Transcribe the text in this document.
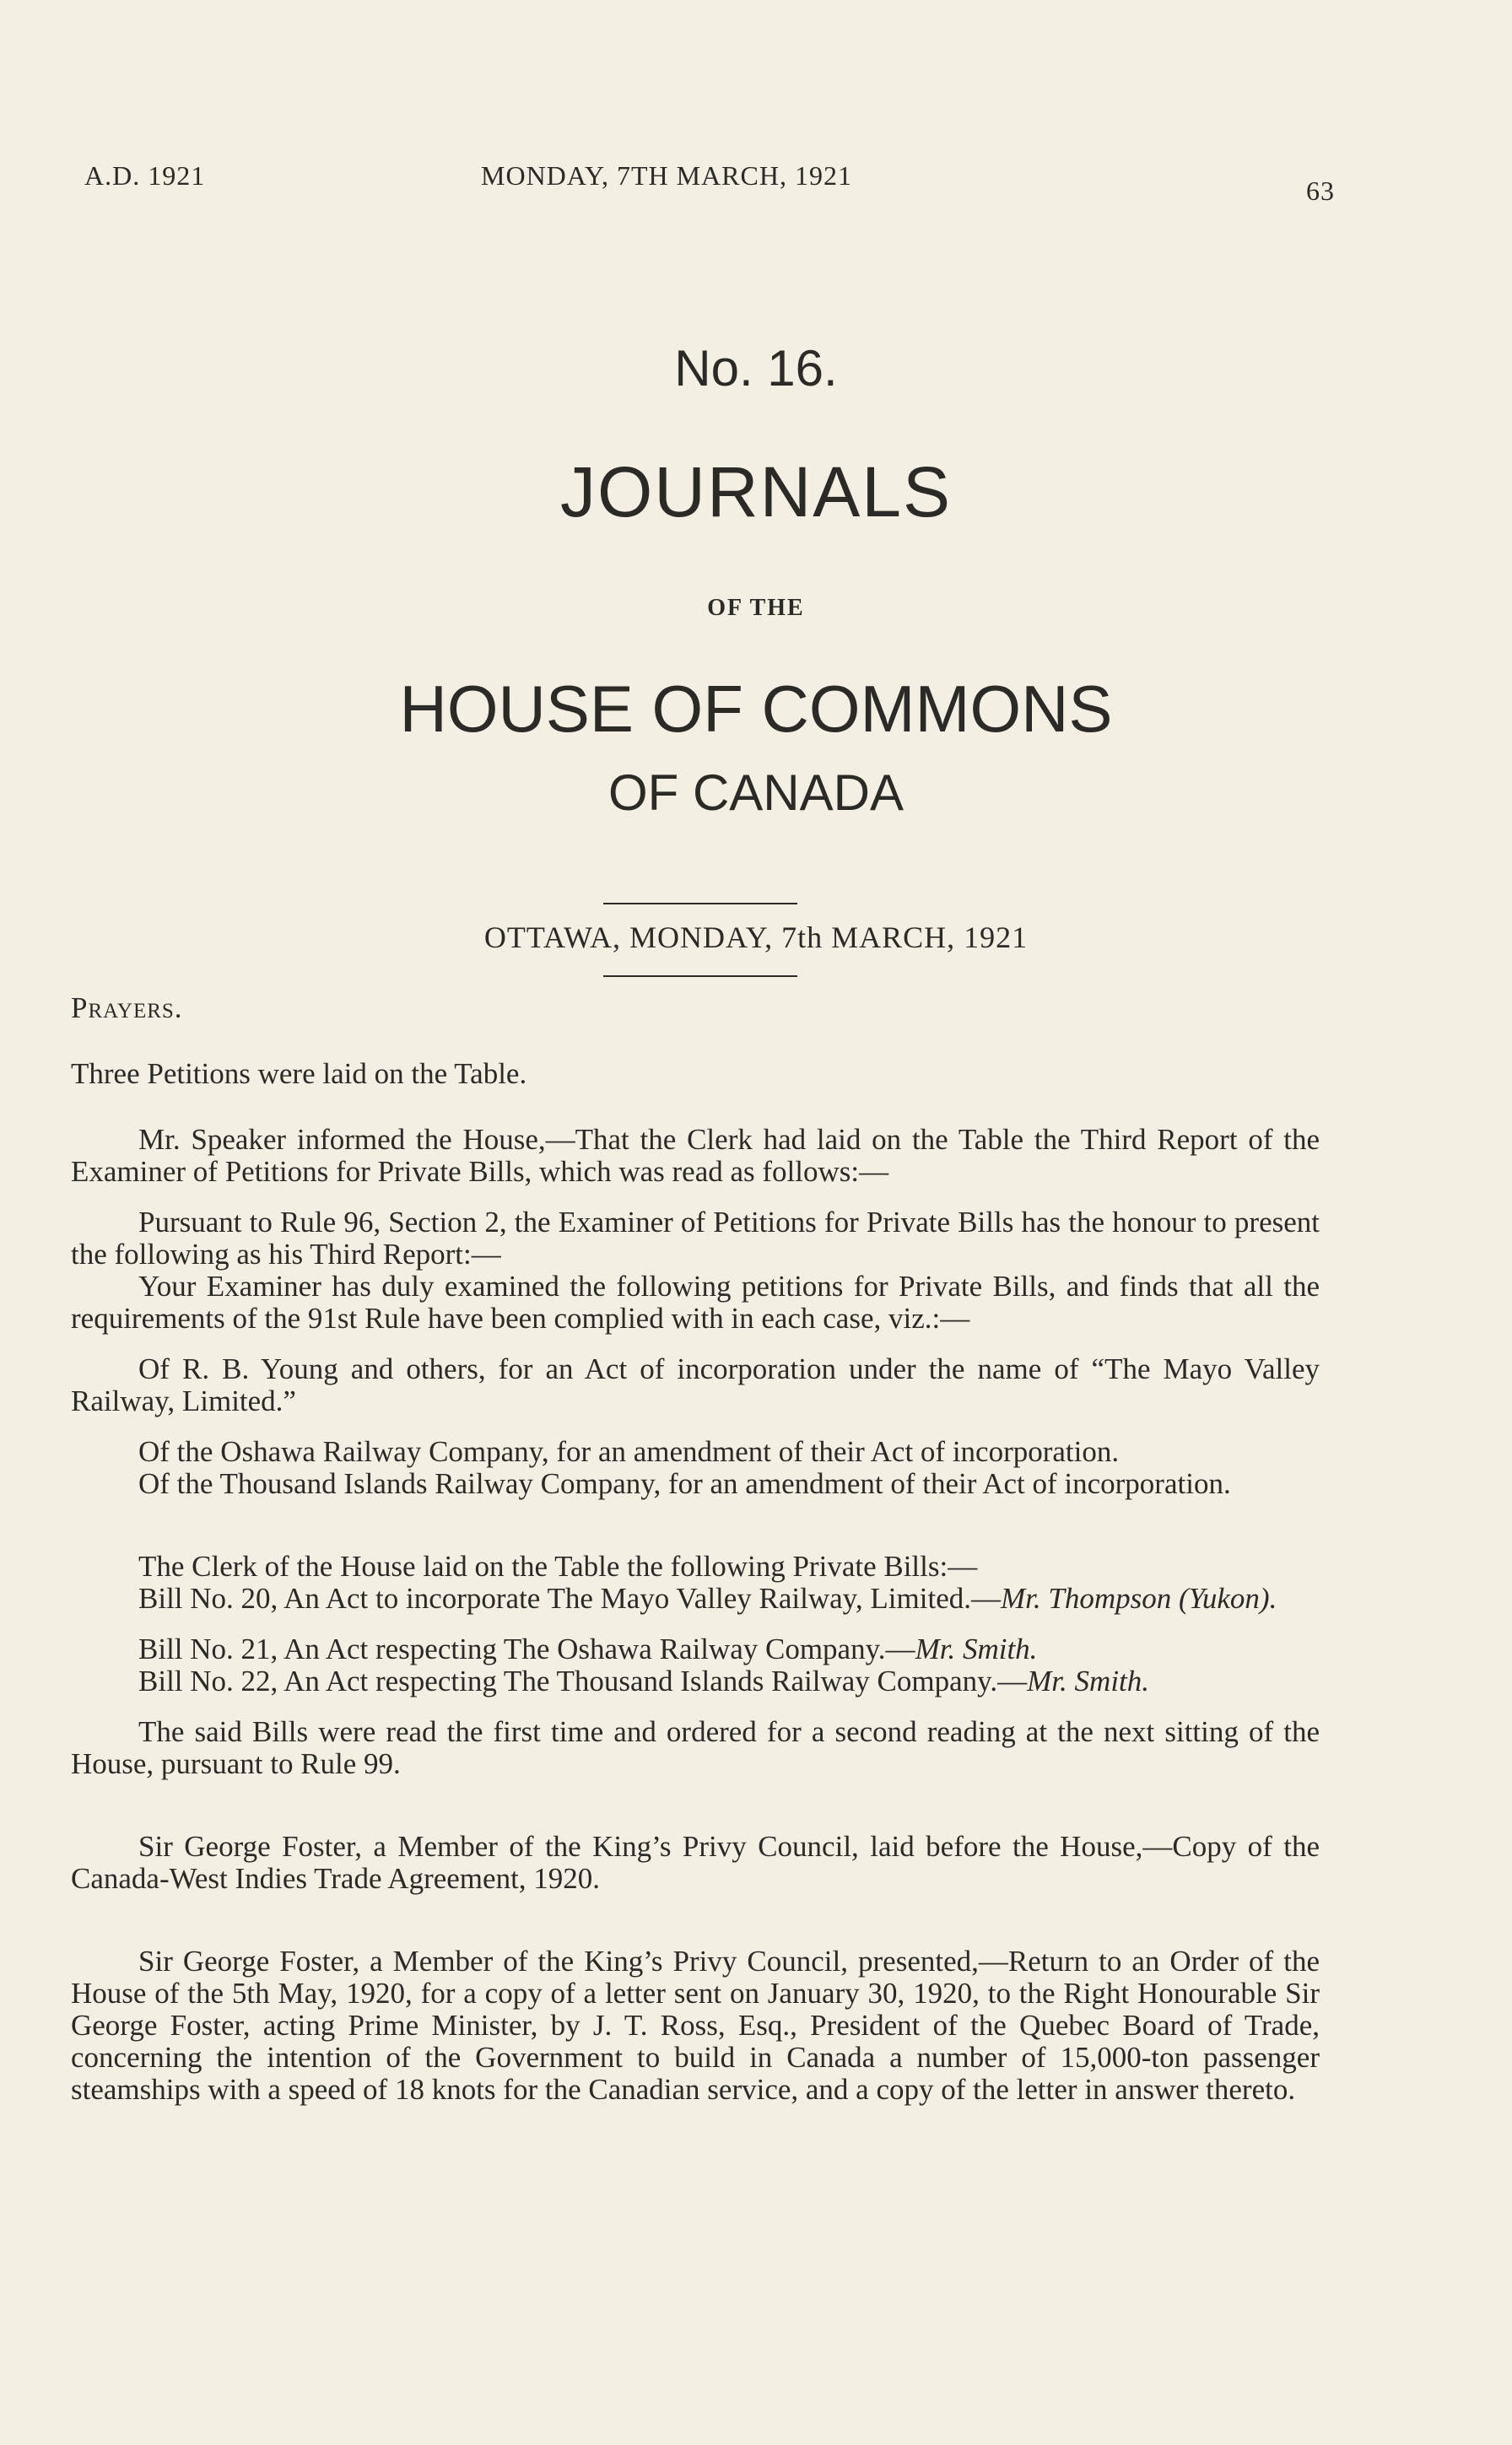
A.D. 1921	MONDAY, 7TH MARCH, 1921	63
No. 16.
JOURNALS
OF THE
HOUSE OF COMMONS
OF CANADA
OTTAWA, MONDAY, 7th MARCH, 1921

Prayers.

Three Petitions were laid on the Table.

Mr. Speaker informed the House,—That the Clerk had laid on the Table the Third Report of the Examiner of Petitions for Private Bills, which was read as follows:—

Pursuant to Rule 96, Section 2, the Examiner of Petitions for Private Bills has the honour to present the following as his Third Report:—

Your Examiner has duly examined the following petitions for Private Bills, and finds that all the requirements of the 91st Rule have been complied with in each case, viz.:—

Of R. B. Young and others, for an Act of incorporation under the name of “The Mayo Valley Railway, Limited.”

Of the Oshawa Railway Company, for an amendment of their Act of incorporation.

Of the Thousand Islands Railway Company, for an amendment of their Act of incorporation.

The Clerk of the House laid on the Table the following Private Bills:—

Bill No. 20, An Act to incorporate The Mayo Valley Railway, Limited.—Mr. Thompson (Yukon).

Bill No. 21, An Act respecting The Oshawa Railway Company.—Mr. Smith.

Bill No. 22, An Act respecting The Thousand Islands Railway Company.—Mr. Smith.

The said Bills were read the first time and ordered for a second reading at the next sitting of the House, pursuant to Rule 99.

Sir George Foster, a Member of the King’s Privy Council, laid before the House,—Copy of the Canada-West Indies Trade Agreement, 1920.

Sir George Foster, a Member of the King’s Privy Council, presented,—Return to an Order of the House of the 5th May, 1920, for a copy of a letter sent on January 30, 1920, to the Right Honourable Sir George Foster, acting Prime Minister, by J. T. Ross, Esq., President of the Quebec Board of Trade, concerning the intention of the Government to build in Canada a number of 15,000-ton passenger steamships with a speed of 18 knots for the Canadian service, and a copy of the letter in answer thereto.
